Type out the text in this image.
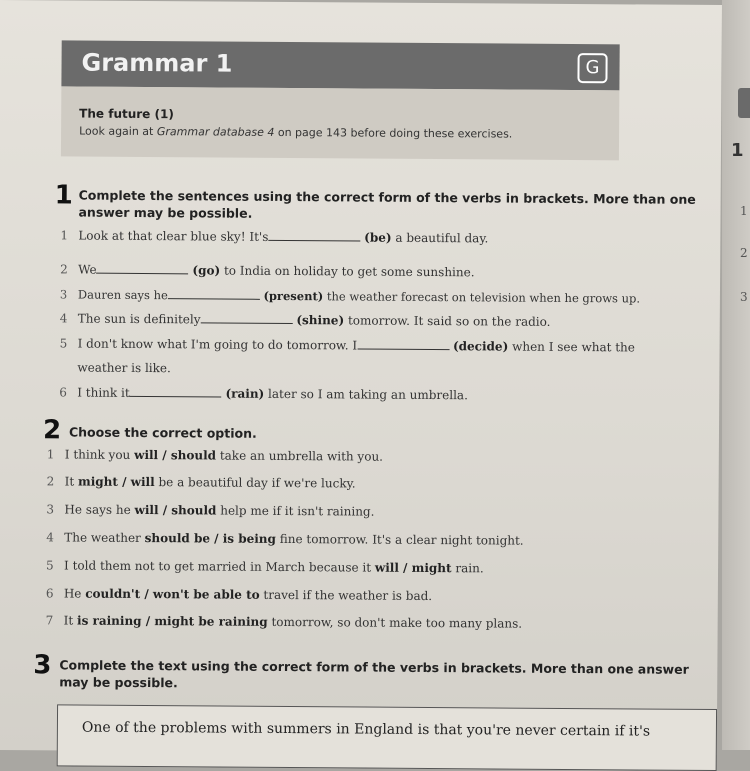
Grammar 1	G
The future (1)
Look again at Grammar database 4 on page 143 before doing these exercises.
1 Complete the sentences using the correct form of the verbs in brackets. More than one
answer may be possible.
1 Look at that clear blue sky! It's	(be) a beautiful day.
2 We	(go) to India on holiday to get some sunshine.
3 Dauren says he	(present) the weather forecast on television when he grows up.
4 The sun is definitely	(shine) tomorrow. It said so on the radio.
5 I don't know what I'm going to do tomorrow. I	(decide) when I see what the
weather is like.
6 I think it	(rain) later so I am taking an umbrella.
2 Choose the correct option.
1 I think you will / should take an umbrella with you.
2 It might / will be a beautiful day if we're lucky.
3 He says he will / should help me if it isn't raining.
4 The weather should be / is being fine tomorrow. It's a clear night tonight.
5 I told them not to get married in March because it will / might rain.
6 He couldn't / won't be able to travel if the weather is bad.
7 It is raining / might be raining tomorrow, so don't make too many plans.
3 Complete the text using the correct form of the verbs in brackets. More than one answer
may be possible.
One of the problems with summers in England is that you're never certain if it's
1
1
2
3
